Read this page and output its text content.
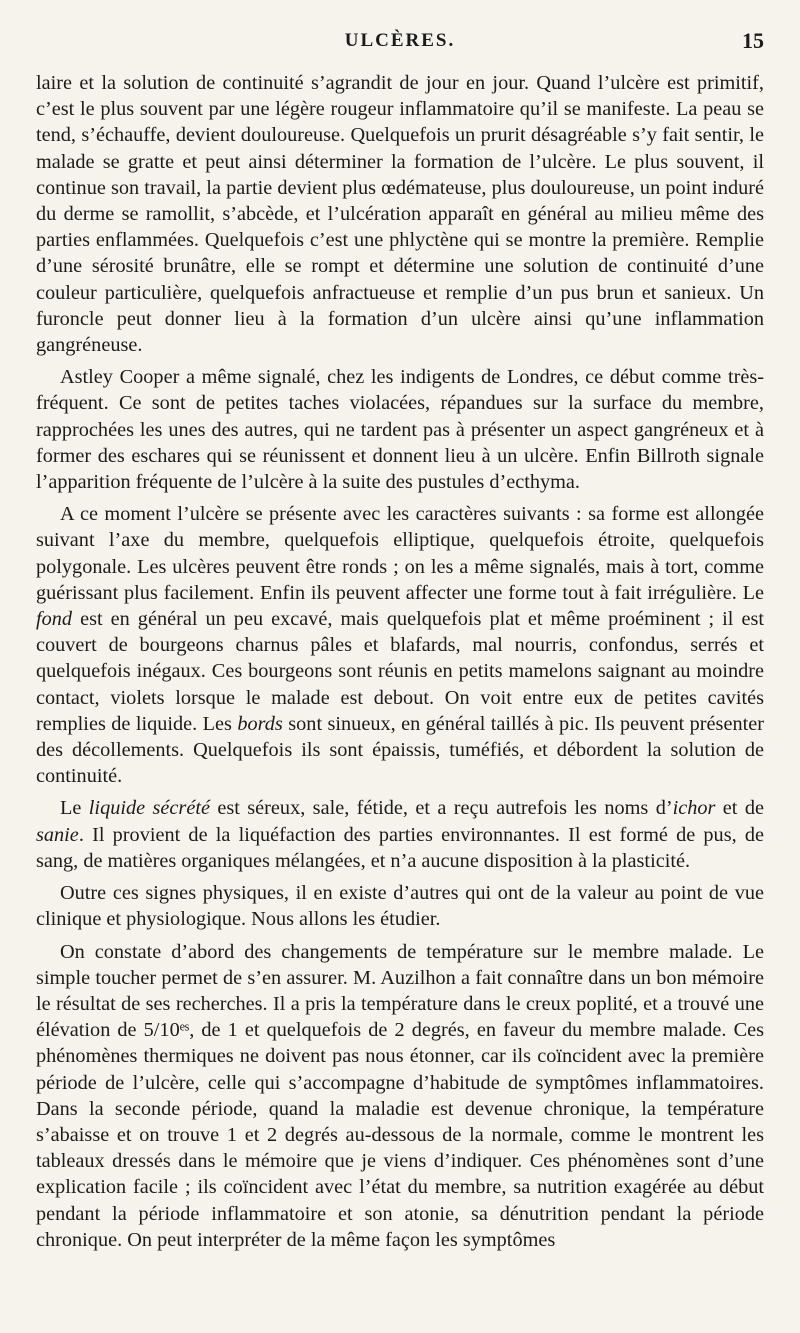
ULCÈRES.	15

laire et la solution de continuité s’agrandit de jour en jour. Quand l’ulcère est primitif, c’est le plus souvent par une légère rougeur inflammatoire qu’il se manifeste. La peau se tend, s’échauffe, devient douloureuse. Quelquefois un prurit désagréable s’y fait sentir, le malade se gratte et peut ainsi déterminer la formation de l’ulcère. Le plus souvent, il continue son travail, la partie devient plus œdémateuse, plus douloureuse, un point induré du derme se ramollit, s’abcède, et l’ulcération apparaît en général au milieu même des parties enflammées. Quelquefois c’est une phlyctène qui se montre la première. Remplie d’une sérosité brunâtre, elle se rompt et détermine une solution de continuité d’une couleur particulière, quelquefois anfractueuse et remplie d’un pus brun et sanieux. Un furoncle peut donner lieu à la formation d’un ulcère ainsi qu’une inflammation gangréneuse.

Astley Cooper a même signalé, chez les indigents de Londres, ce début comme très-fréquent. Ce sont de petites taches violacées, répandues sur la surface du membre, rapprochées les unes des autres, qui ne tardent pas à présenter un aspect gangréneux et à former des eschares qui se réunissent et donnent lieu à un ulcère. Enfin Billroth signale l’apparition fréquente de l’ulcère à la suite des pustules d’ecthyma.

A ce moment l’ulcère se présente avec les caractères suivants : sa forme est allongée suivant l’axe du membre, quelquefois elliptique, quelquefois étroite, quelquefois polygonale. Les ulcères peuvent être ronds ; on les a même signalés, mais à tort, comme guérissant plus facilement. Enfin ils peuvent affecter une forme tout à fait irrégulière. Le fond est en général un peu excavé, mais quelquefois plat et même proéminent ; il est couvert de bourgeons charnus pâles et blafards, mal nourris, confondus, serrés et quelquefois inégaux. Ces bourgeons sont réunis en petits mamelons saignant au moindre contact, violets lorsque le malade est debout. On voit entre eux de petites cavités remplies de liquide. Les bords sont sinueux, en général taillés à pic. Ils peuvent présenter des décollements. Quelquefois ils sont épaissis, tuméfiés, et débordent la solution de continuité.

Le liquide sécrété est séreux, sale, fétide, et a reçu autrefois les noms d’ichor et de sanie. Il provient de la liquéfaction des parties environnantes. Il est formé de pus, de sang, de matières organiques mélangées, et n’a aucune disposition à la plasticité.

Outre ces signes physiques, il en existe d’autres qui ont de la valeur au point de vue clinique et physiologique. Nous allons les étudier.

On constate d’abord des changements de température sur le membre malade. Le simple toucher permet de s’en assurer. M. Auzilhon a fait connaître dans un bon mémoire le résultat de ses recherches. Il a pris la température dans le creux poplité, et a trouvé une élévation de 5/10ᵉˢ, de 1 et quelquefois de 2 degrés, en faveur du membre malade. Ces phénomènes thermiques ne doivent pas nous étonner, car ils coïncident avec la première période de l’ulcère, celle qui s’accompagne d’habitude de symptômes inflammatoires. Dans la seconde période, quand la maladie est devenue chronique, la température s’abaisse et on trouve 1 et 2 degrés au-dessous de la normale, comme le montrent les tableaux dressés dans le mémoire que je viens d’indiquer. Ces phénomènes sont d’une explication facile ; ils coïncident avec l’état du membre, sa nutrition exagérée au début pendant la période inflammatoire et son atonie, sa dénutrition pendant la période chronique. On peut interpréter de la même façon les symptômes
